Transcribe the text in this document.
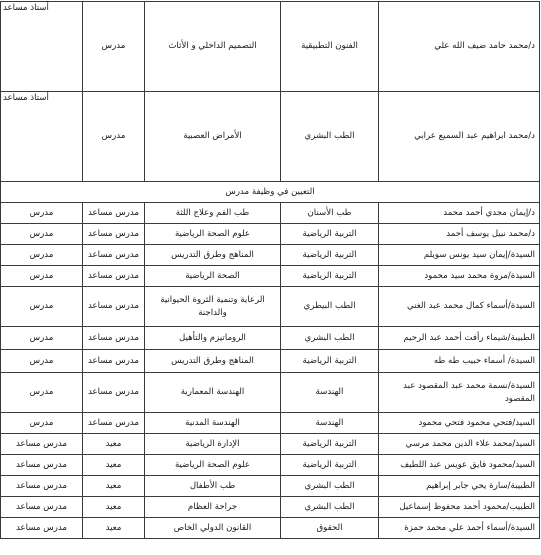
د/محمد حامد ضيف الله علي	الفنون التطبيقية	التصميم الداخلي و الأثاث	مدرس	أستاذ مساعد
د/محمد ابراهيم عبد السميع عرابي	الطب البشري	الأمراض العصبية	مدرس	أستاذ مساعد
التعيين في وظيفة مدرس				
د/إيمان مجدي أحمد محمد	طب الأسنان	طب الفم وعلاج اللثة	مدرس مساعد	مدرس
د/محمد نبيل يوسف أحمد	التربية الرياضية	علوم الصحة الرياضية	مدرس مساعد	مدرس
السيدة/إيمان سيد يونس سويلم	التربية الرياضية	المناهج وطرق التدريس	مدرس مساعد	مدرس
السيدة/مروة محمد سيد محمود	التربية الرياضية	الصحة الرياضية	مدرس مساعد	مدرس
السيدة/أسماء كمال محمد عبد الغني	الطب البيطري	الرعاية وتنمية الثروة الحيوانية والداجنة	مدرس مساعد	مدرس
الطبيبة/شيماء رأفت أحمد عبد الرحيم	الطب البشري	الروماتيزم والتأهيل	مدرس مساعد	مدرس
السيدة/ أسماء حبيب طه طه	التربية الرياضية	المناهج وطرق التدريس	مدرس مساعد	مدرس
السيدة/نسمة محمد عبد المقصود عبد المقصود	الهندسة	الهندسة المعمارية	مدرس مساعد	مدرس
السيد/فتحي محمود فتحي محمود	الهندسة	الهندسة المدنية	مدرس مساعد	مدرس
السيد/محمد علاء الدين محمد مرسي	التربية الرياضية	الإدارة الرياضية	معيد	مدرس مساعد
السيد/محمود فايق عويس عبد اللطيف	التربية الرياضية	علوم الصحة الرياضية	معيد	مدرس مساعد
الطبيبة/سارة يحي جابر إبراهيم	الطب البشري	طب الأطفال	معيد	مدرس مساعد
الطبيب/محمود أحمد محفوظ إسماعيل	الطب البشري	جراحة العظام	معيد	مدرس مساعد
السيدة/أسماء أحمد علي محمد حمزة	الحقوق	القانون الدولي الخاص	معيد	مدرس مساعد
